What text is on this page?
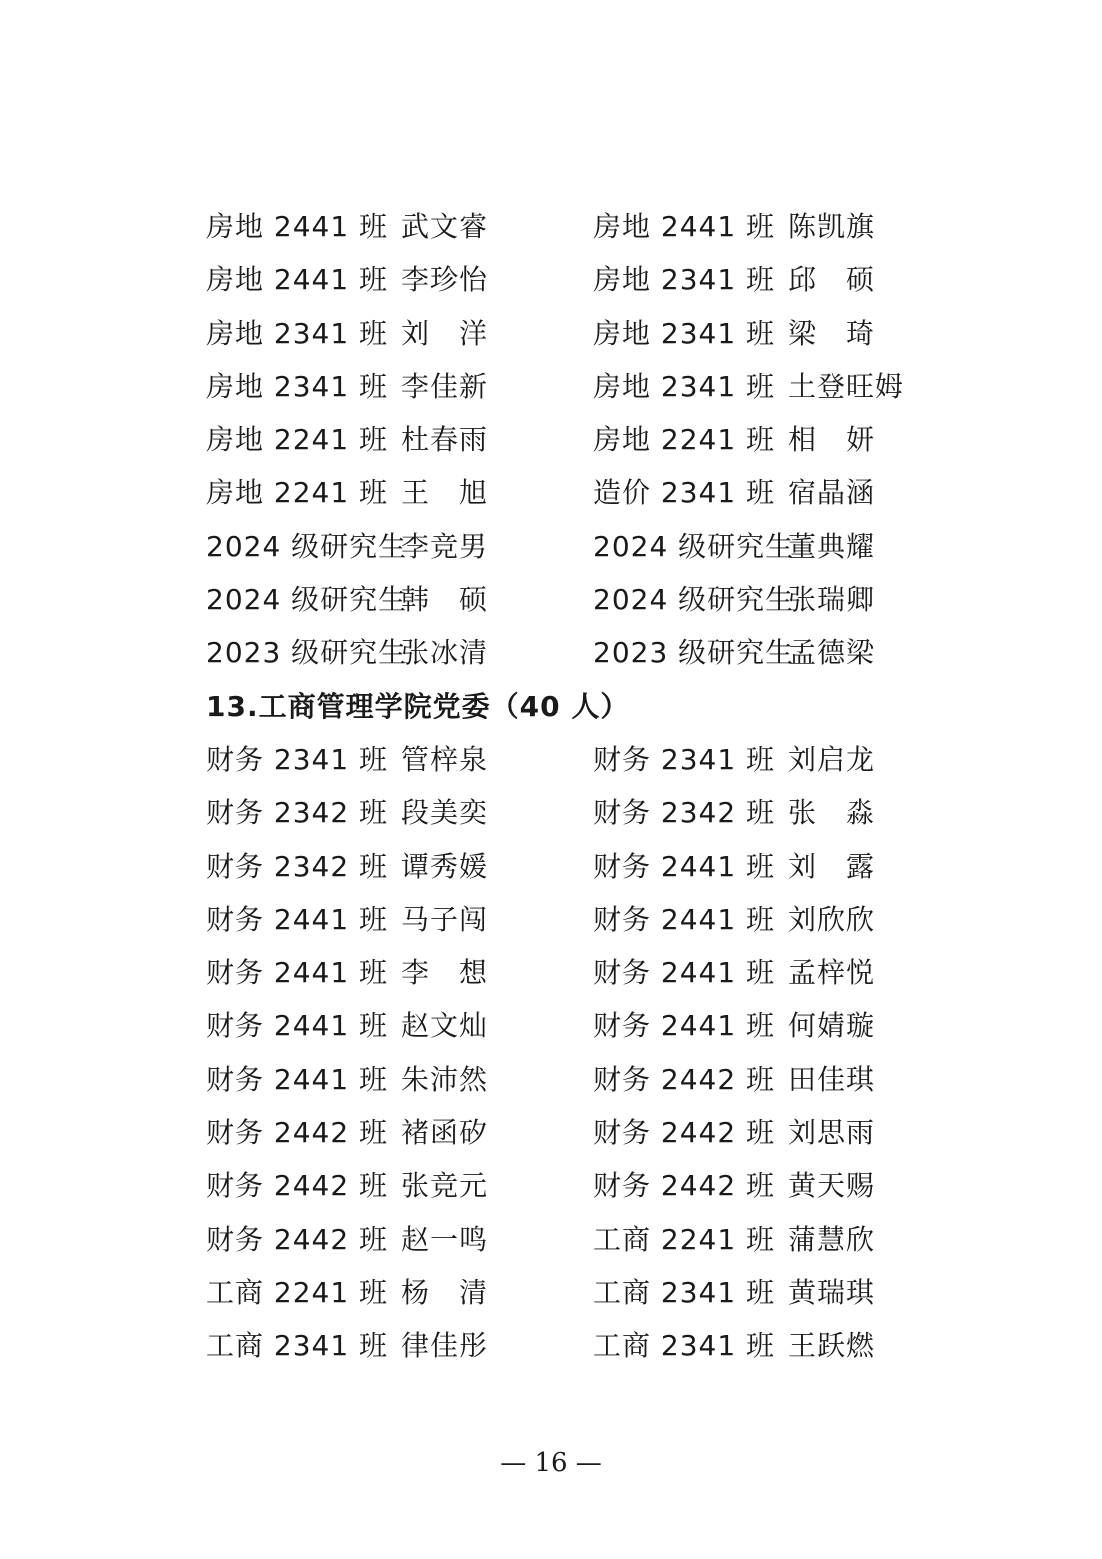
房地 2441 班 武文睿	房地 2441 班 陈凯旗
房地 2441 班 李珍怡	房地 2341 班 邱　硕
房地 2341 班 刘　洋	房地 2341 班 梁　琦
房地 2341 班 李佳新	房地 2341 班 土登旺姆
房地 2241 班 杜春雨	房地 2241 班 相　妍
房地 2241 班 王　旭	造价 2341 班 宿晶涵
2024 级研究生李竞男	2024 级研究生董典耀
2024 级研究生韩　硕	2024 级研究生张瑞卿
2023 级研究生张冰清	2023 级研究生孟德梁
13.工商管理学院党委（40 人）
财务 2341 班 管梓泉	财务 2341 班 刘启龙
财务 2342 班 段美奕	财务 2342 班 张　淼
财务 2342 班 谭秀媛	财务 2441 班 刘　露
财务 2441 班 马子闯	财务 2441 班 刘欣欣
财务 2441 班 李　想	财务 2441 班 孟梓悦
财务 2441 班 赵文灿	财务 2441 班 何婧璇
财务 2441 班 朱沛然	财务 2442 班 田佳琪
财务 2442 班 褚函矽	财务 2442 班 刘思雨
财务 2442 班 张竞元	财务 2442 班 黄天赐
财务 2442 班 赵一鸣	工商 2241 班 蒲慧欣
工商 2241 班 杨　清	工商 2341 班 黄瑞琪
工商 2341 班 律佳彤	工商 2341 班 王跃燃
— 16 —
